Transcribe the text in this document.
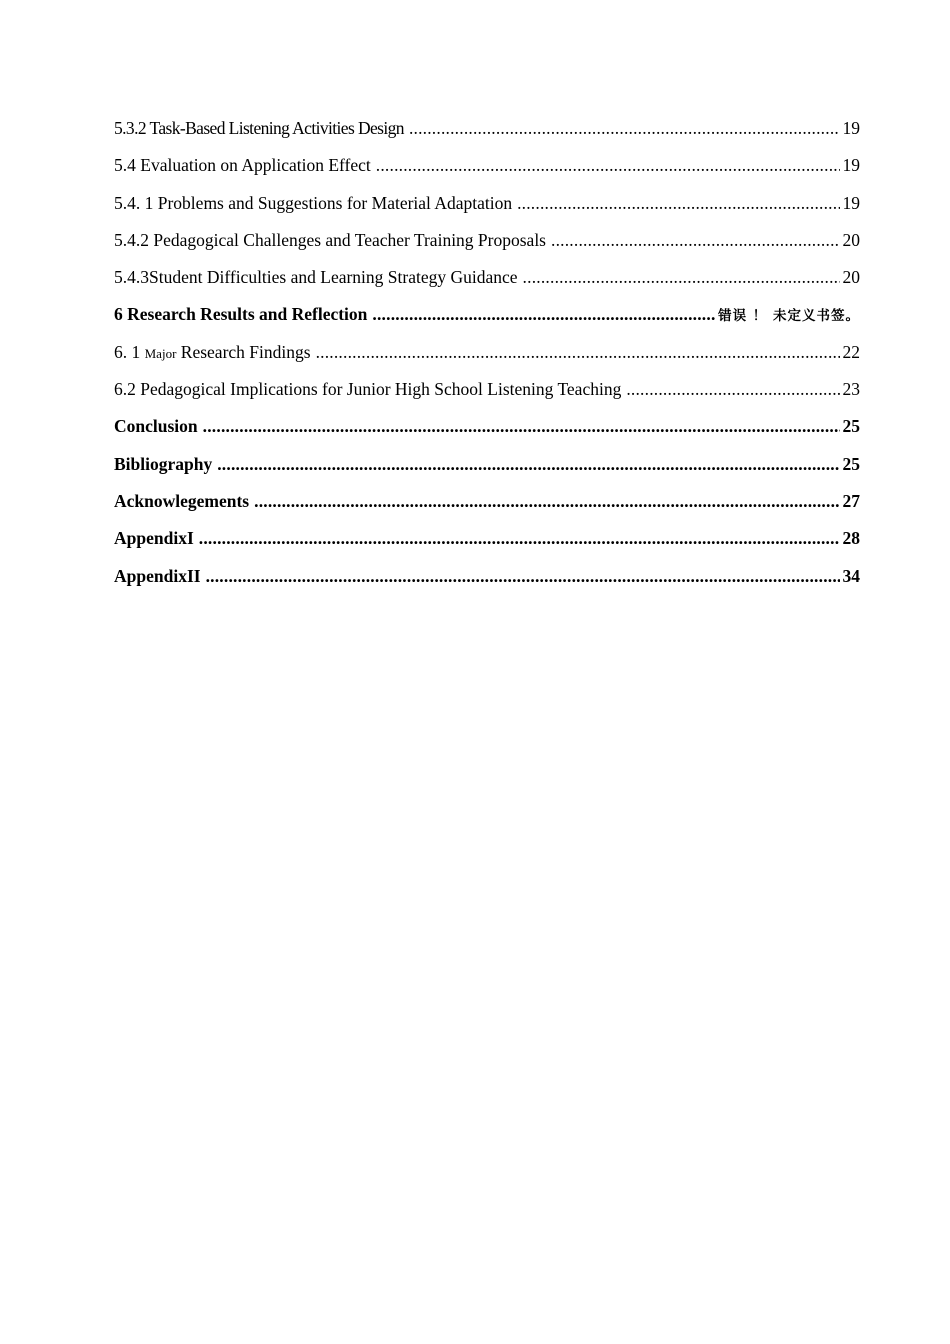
5.3.2 Task-Based Listening Activities Design .....	19
5.4 Evaluation on Application Effect .....	19
5.4. 1 Problems and Suggestions for Material Adaptation .....	19
5.4.2 Pedagogical Challenges and Teacher Training Proposals .....	20
5.4.3Student Difficulties and Learning Strategy Guidance .....	20
6 Research Results and Reflection .....	错误 ！ 未定义书签。
6. 1 Major Research Findings .....	22
6.2 Pedagogical Implications for Junior High School Listening Teaching .....	23
Conclusion .....	25
Bibliography .....	25
Acknowlegements .....	27
AppendixI .....	28
AppendixII .....	34
